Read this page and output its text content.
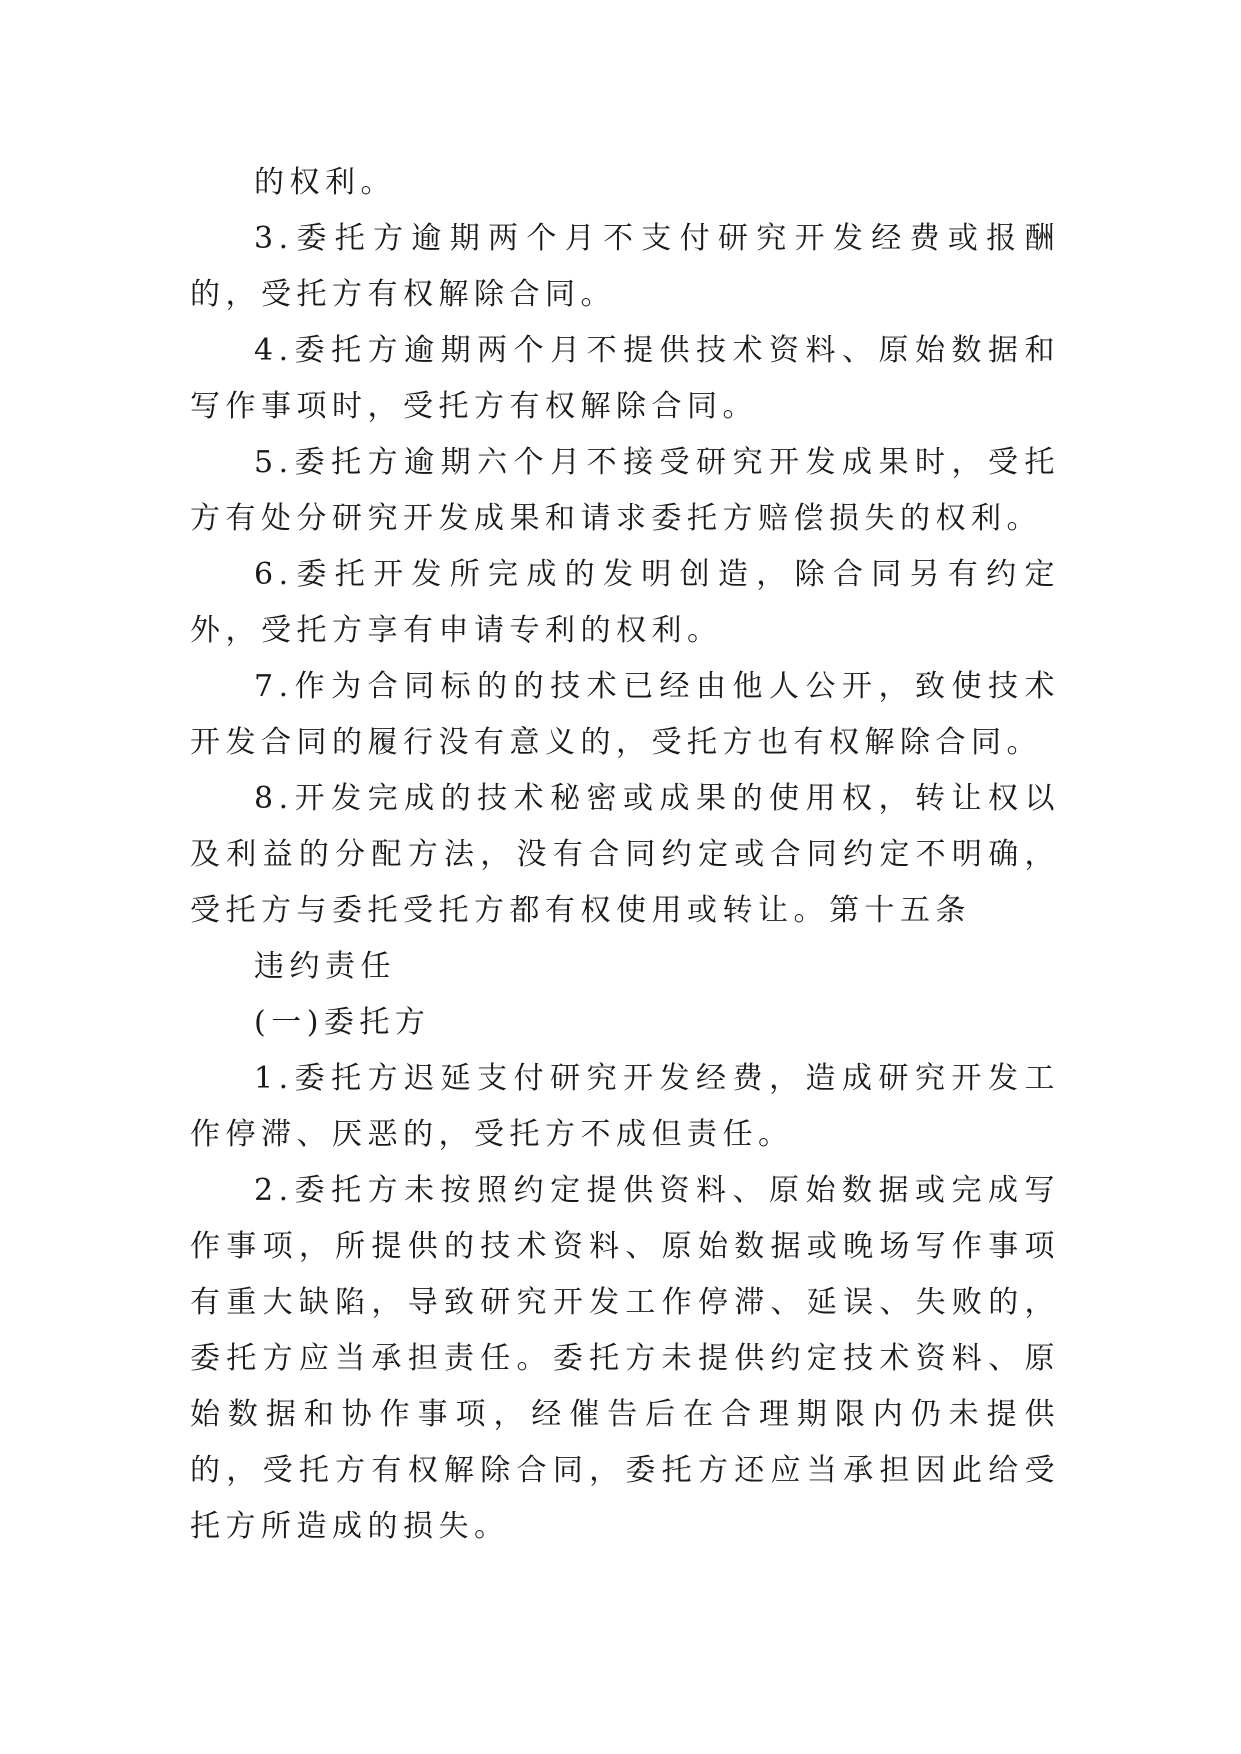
的权利。

3.委托方逾期两个月不支付研究开发经费或报酬的，受托方有权解除合同。

4.委托方逾期两个月不提供技术资料、原始数据和写作事项时，受托方有权解除合同。

5.委托方逾期六个月不接受研究开发成果时，受托方有处分研究开发成果和请求委托方赔偿损失的权利。

6.委托开发所完成的发明创造，除合同另有约定外，受托方享有申请专利的权利。

7.作为合同标的的技术已经由他人公开，致使技术开发合同的履行没有意义的，受托方也有权解除合同。

8.开发完成的技术秘密或成果的使用权，转让权以及利益的分配方法，没有合同约定或合同约定不明确，受托方与委托受托方都有权使用或转让。第十五条

违约责任

(一)委托方

1.委托方迟延支付研究开发经费，造成研究开发工作停滞、厌恶的，受托方不成但责任。

2.委托方未按照约定提供资料、原始数据或完成写作事项，所提供的技术资料、原始数据或晚场写作事项有重大缺陷，导致研究开发工作停滞、延误、失败的，委托方应当承担责任。委托方未提供约定技术资料、原始数据和协作事项，经催告后在合理期限内仍未提供的，受托方有权解除合同，委托方还应当承担因此给受托方所造成的损失。
